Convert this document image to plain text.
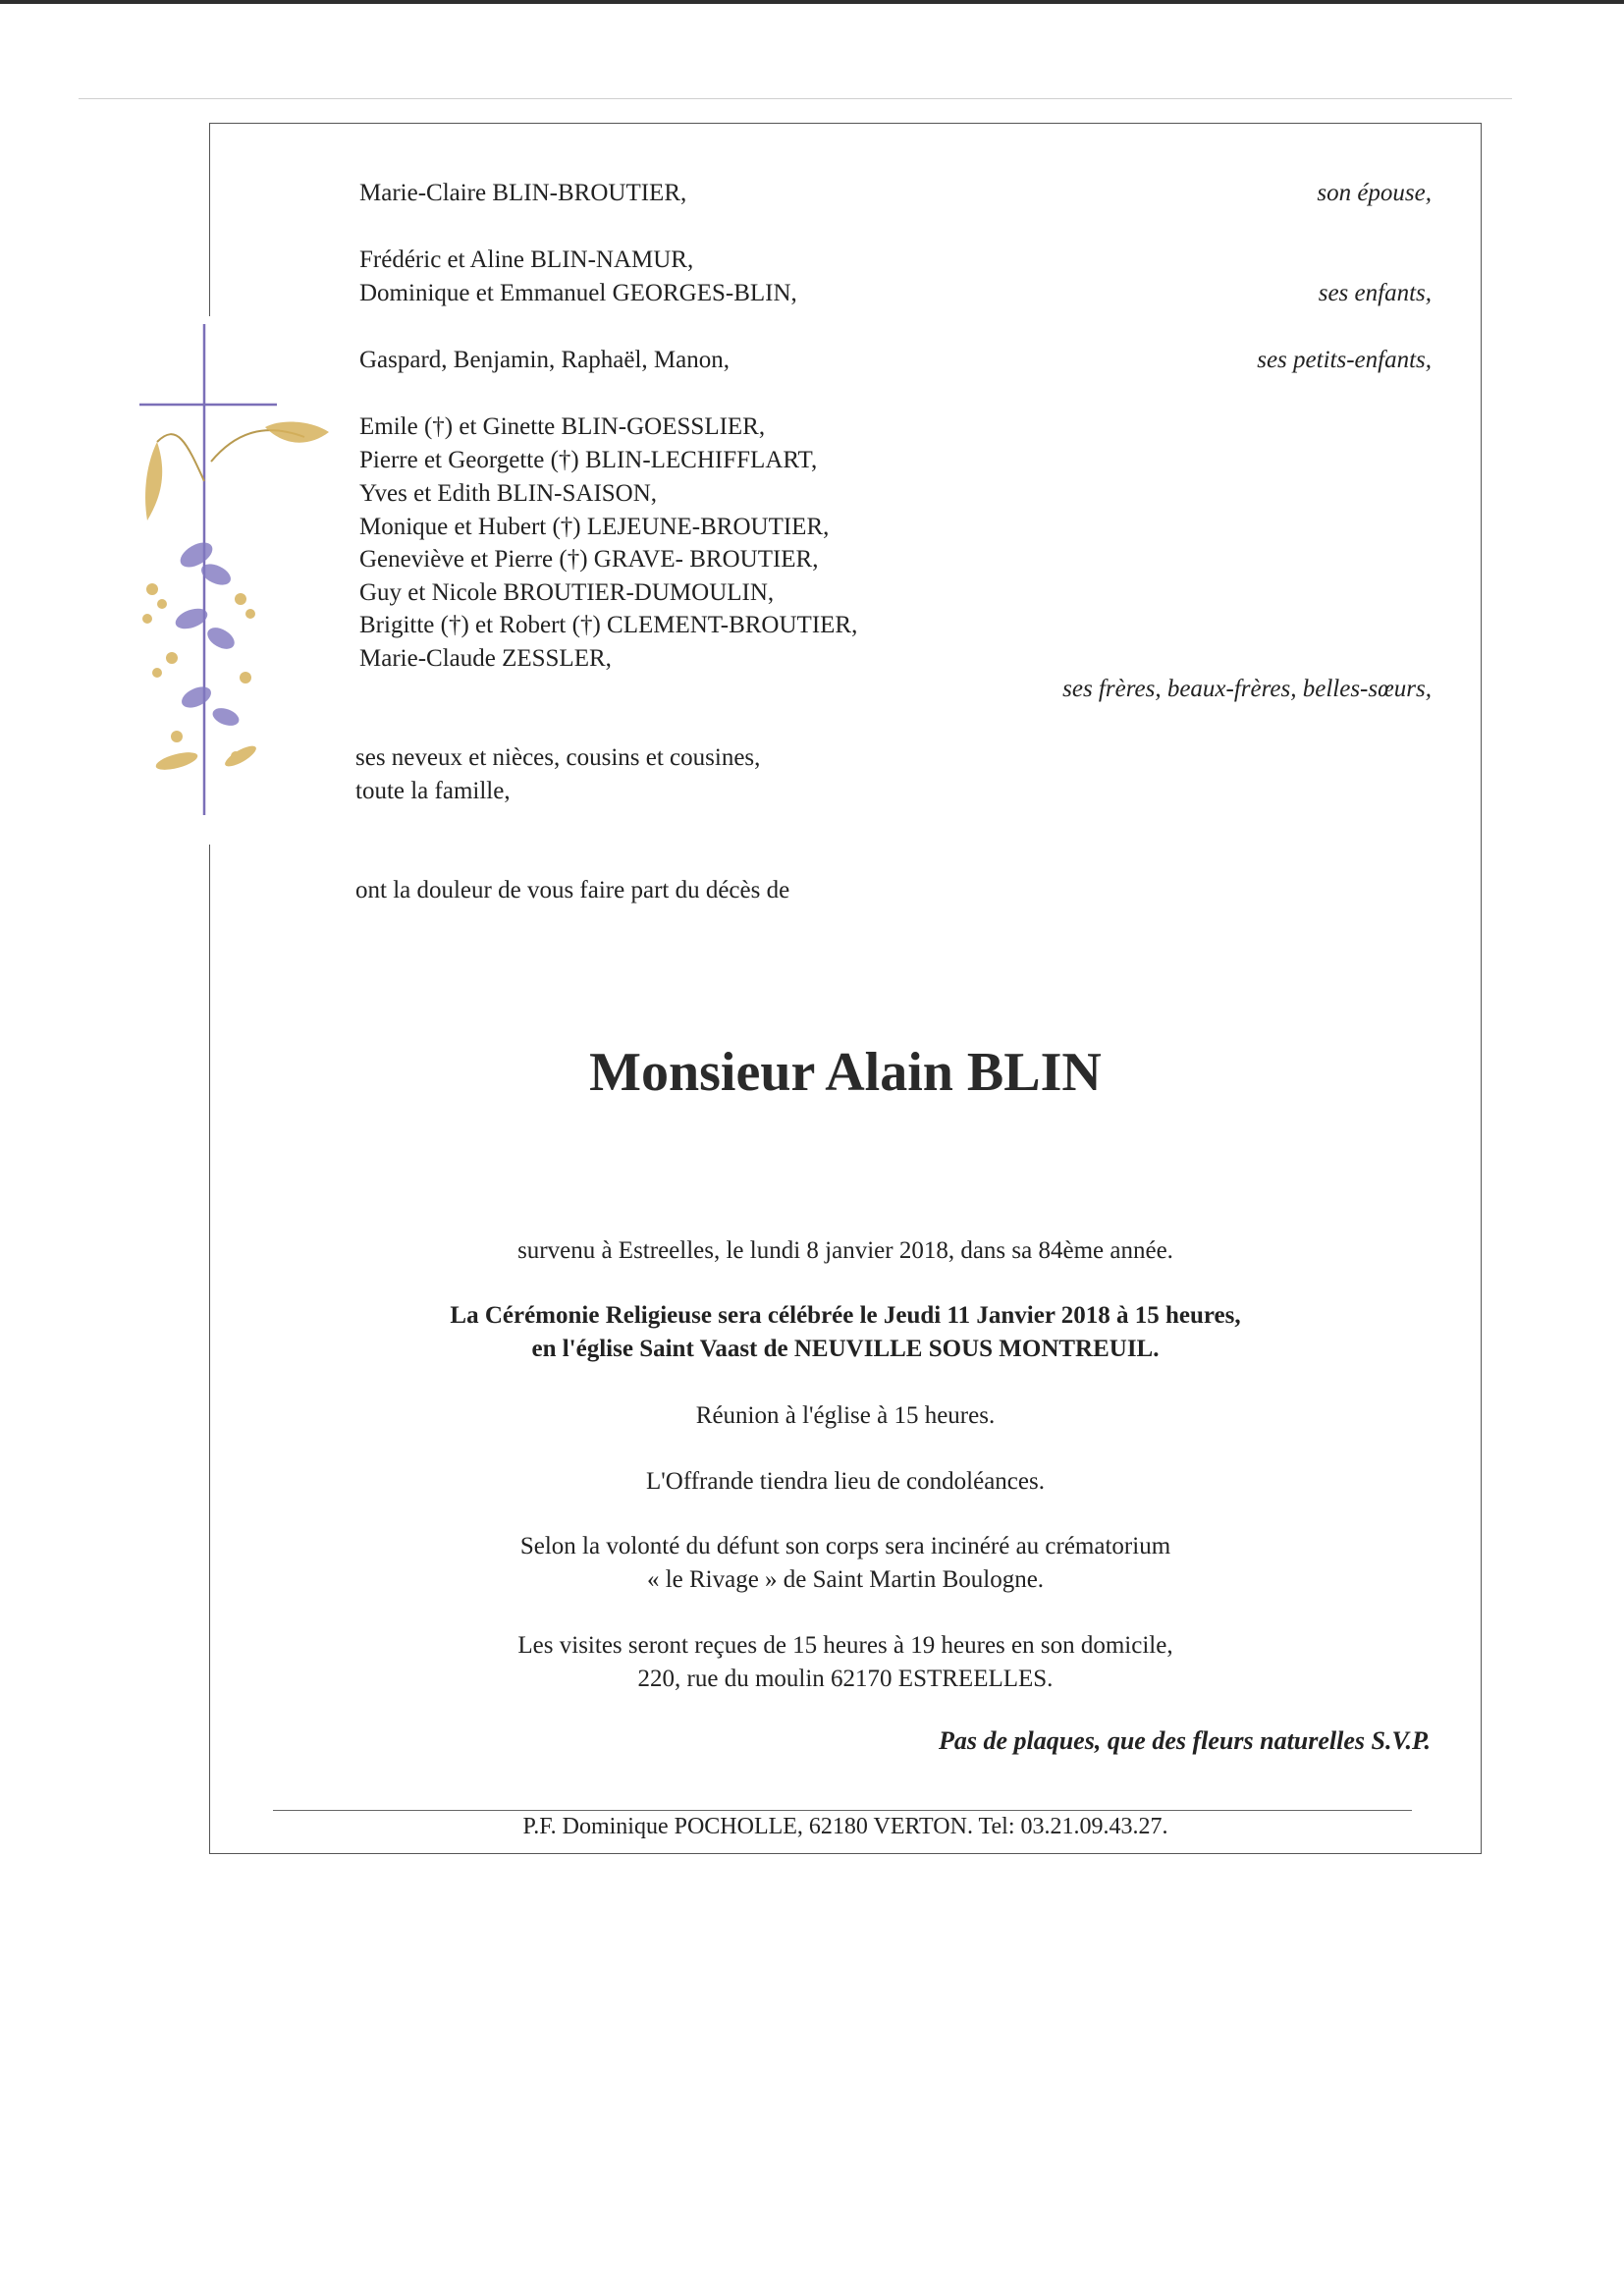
Marie-Claire BLIN-BROUTIER,	son épouse,
Frédéric et Aline BLIN-NAMUR,
Dominique et Emmanuel GEORGES-BLIN,	ses enfants,
Gaspard, Benjamin, Raphaël, Manon,	ses petits-enfants,
Emile (†) et Ginette BLIN-GOESSLIER,
Pierre et Georgette (†) BLIN-LECHIFFLART,
Yves et Edith BLIN-SAISON,
Monique et Hubert (†) LEJEUNE-BROUTIER,
Geneviève et Pierre (†) GRAVE- BROUTIER,
Guy et Nicole BROUTIER-DUMOULIN,
Brigitte (†) et Robert (†) CLEMENT-BROUTIER,
Marie-Claude ZESSLER,
ses frères, beaux-frères, belles-sœurs,
ses neveux et nièces, cousins et cousines,
toute la famille,
ont la douleur de vous faire part du décès de
Monsieur Alain BLIN
survenu à Estreelles, le lundi 8 janvier 2018, dans sa 84ème année.
La Cérémonie Religieuse sera célébrée le Jeudi 11 Janvier 2018 à 15 heures,
en l'église Saint Vaast de NEUVILLE SOUS MONTREUIL.
Réunion à l'église à 15 heures.
L'Offrande tiendra lieu de condoléances.
Selon la volonté du défunt son corps sera incinéré au crématorium
« le Rivage » de Saint Martin Boulogne.
Les visites seront reçues de 15 heures à 19 heures en son domicile,
220, rue du moulin 62170 ESTREELLES.
Pas de plaques, que des fleurs naturelles S.V.P.
P.F. Dominique POCHOLLE, 62180 VERTON. Tel: 03.21.09.43.27.
